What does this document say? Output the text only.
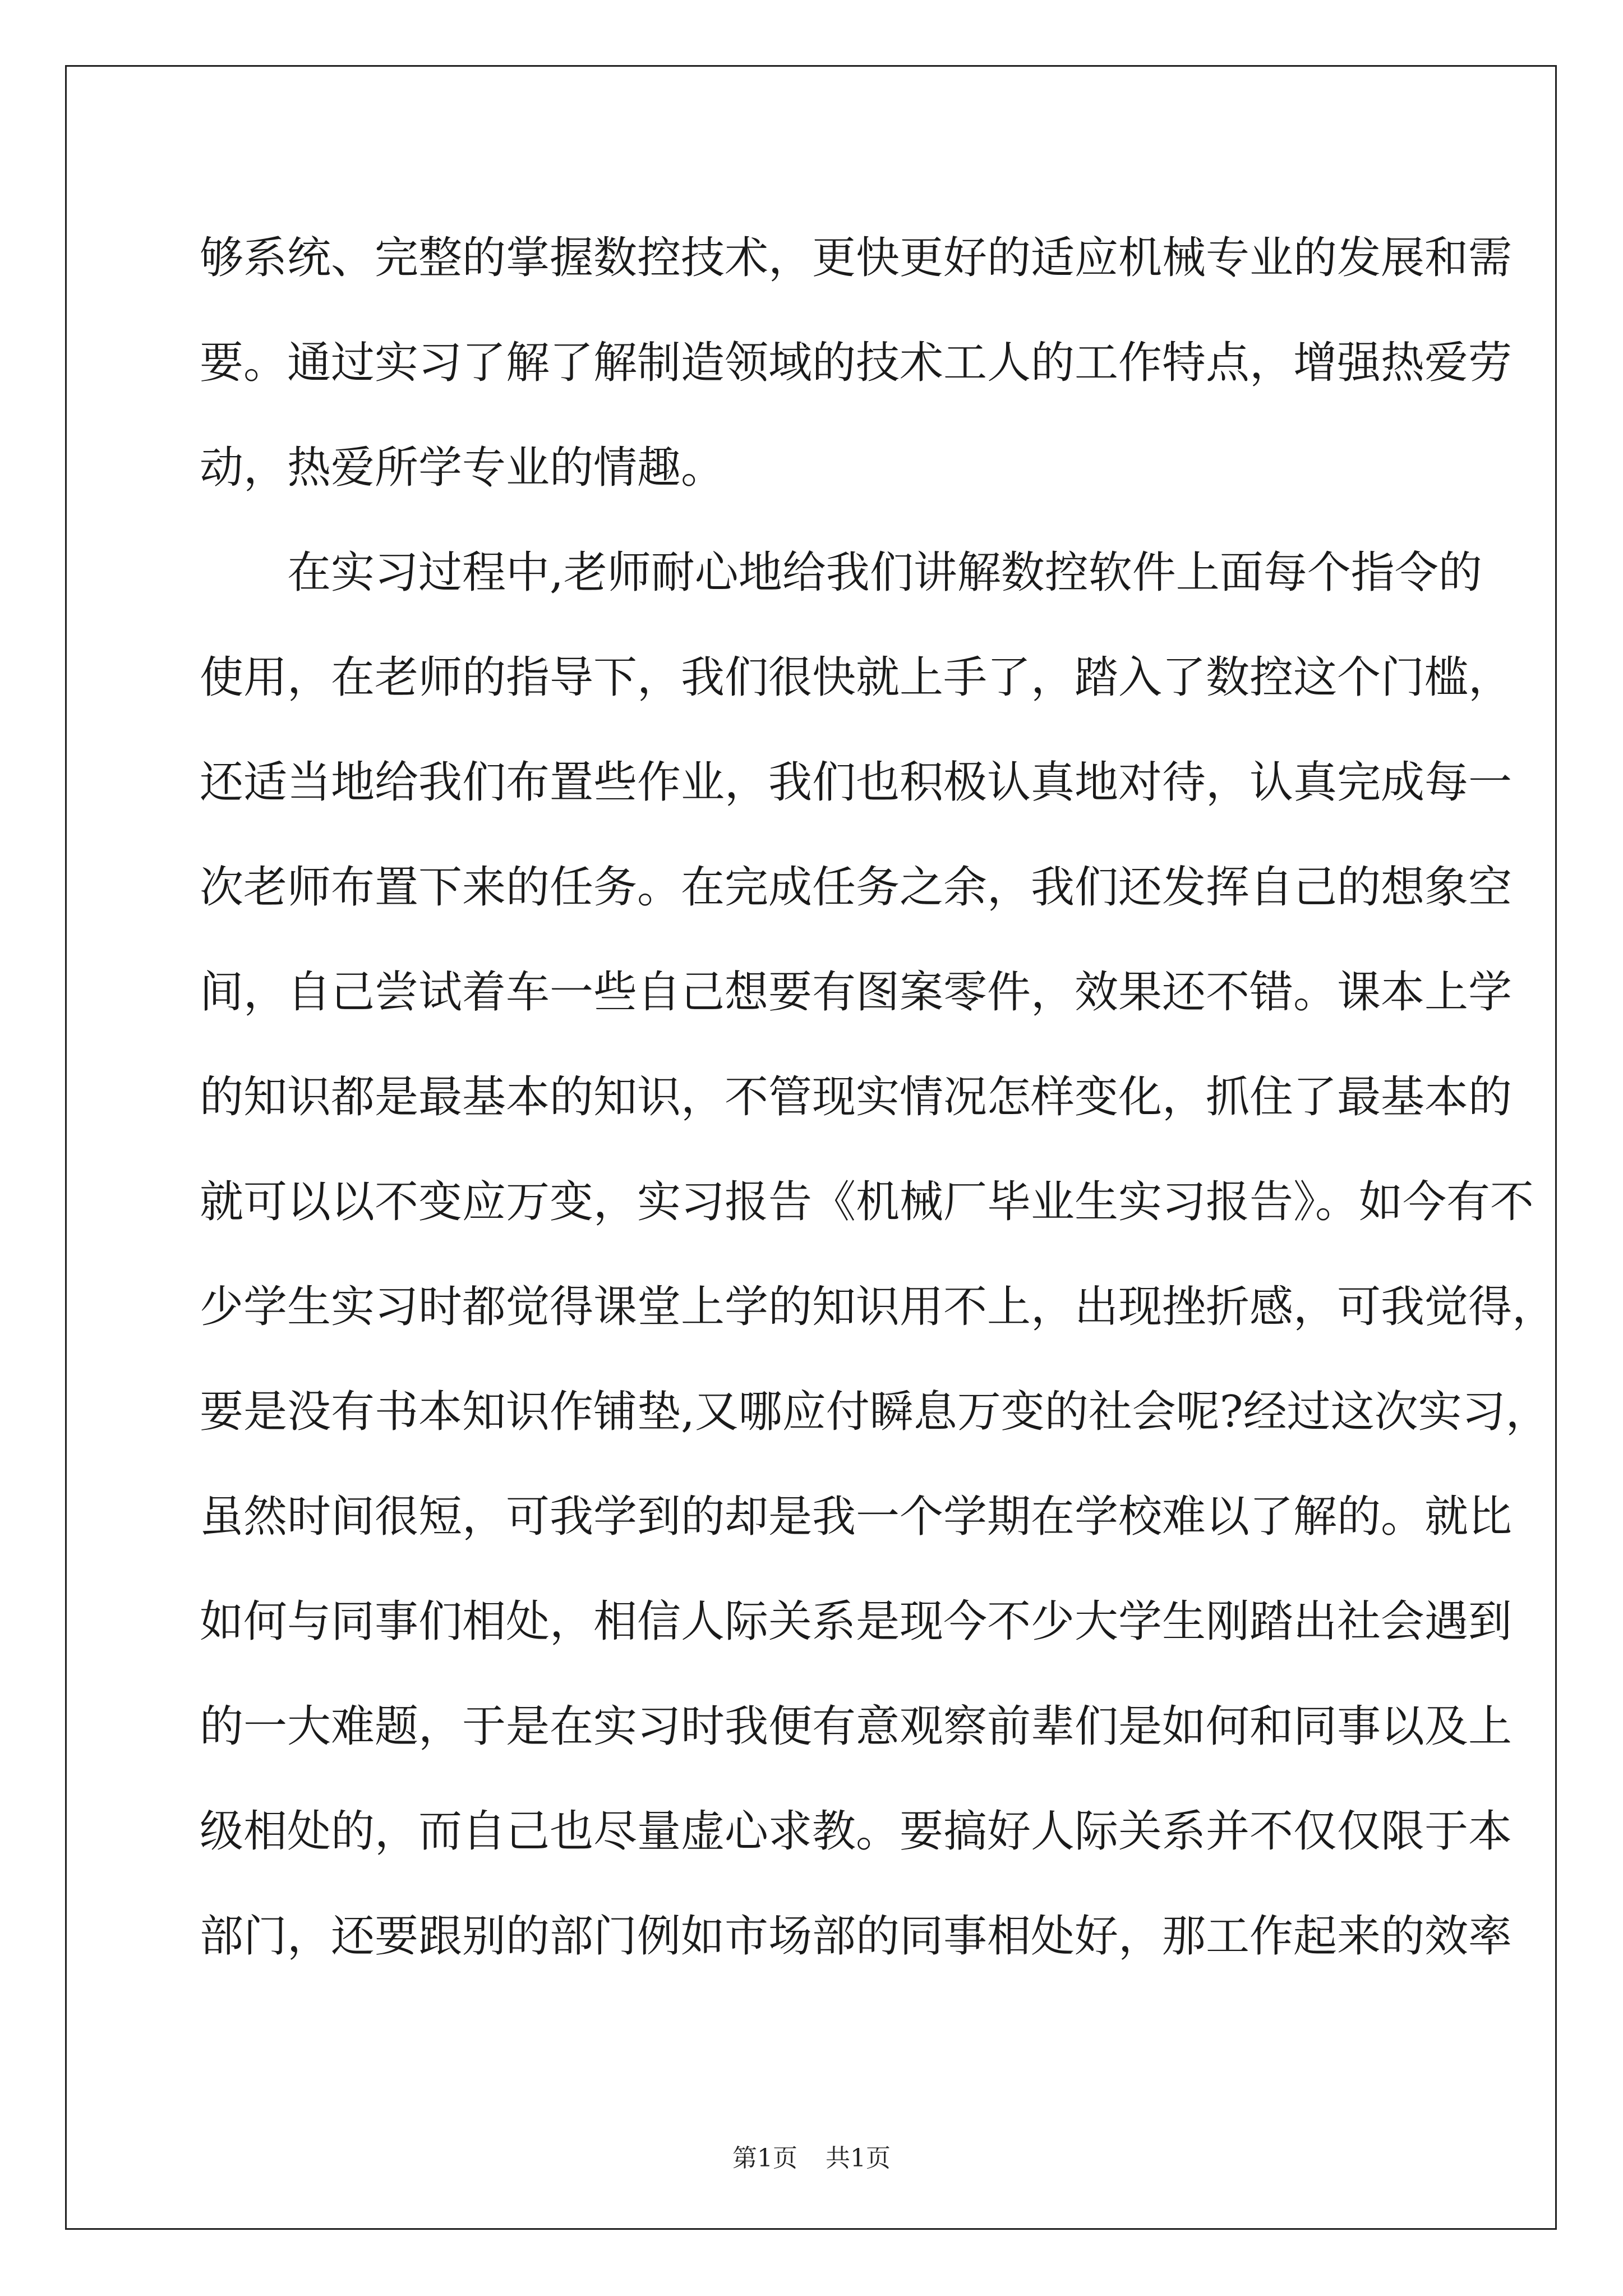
够系统、完整的掌握数控技术，更快更好的适应机械专业的发展和需
要。通过实习了解了解制造领域的技术工人的工作特点，增强热爱劳
动，热爱所学专业的情趣。
在实习过程中,老师耐心地给我们讲解数控软件上面每个指令的
使用，在老师的指导下，我们很快就上手了，踏入了数控这个门槛，
还适当地给我们布置些作业，我们也积极认真地对待，认真完成每一
次老师布置下来的任务。在完成任务之余，我们还发挥自己的想象空
间，自己尝试着车一些自己想要有图案零件，效果还不错。课本上学
的知识都是最基本的知识，不管现实情况怎样变化，抓住了最基本的
就可以以不变应万变，实习报告《机械厂毕业生实习报告》。如今有不
少学生实习时都觉得课堂上学的知识用不上，出现挫折感，可我觉得，
要是没有书本知识作铺垫,又哪应付瞬息万变的社会呢?经过这次实习，
虽然时间很短，可我学到的却是我一个学期在学校难以了解的。就比
如何与同事们相处，相信人际关系是现今不少大学生刚踏出社会遇到
的一大难题，于是在实习时我便有意观察前辈们是如何和同事以及上
级相处的，而自己也尽量虚心求教。要搞好人际关系并不仅仅限于本
部门，还要跟别的部门例如市场部的同事相处好，那工作起来的效率
第1页 共1页
